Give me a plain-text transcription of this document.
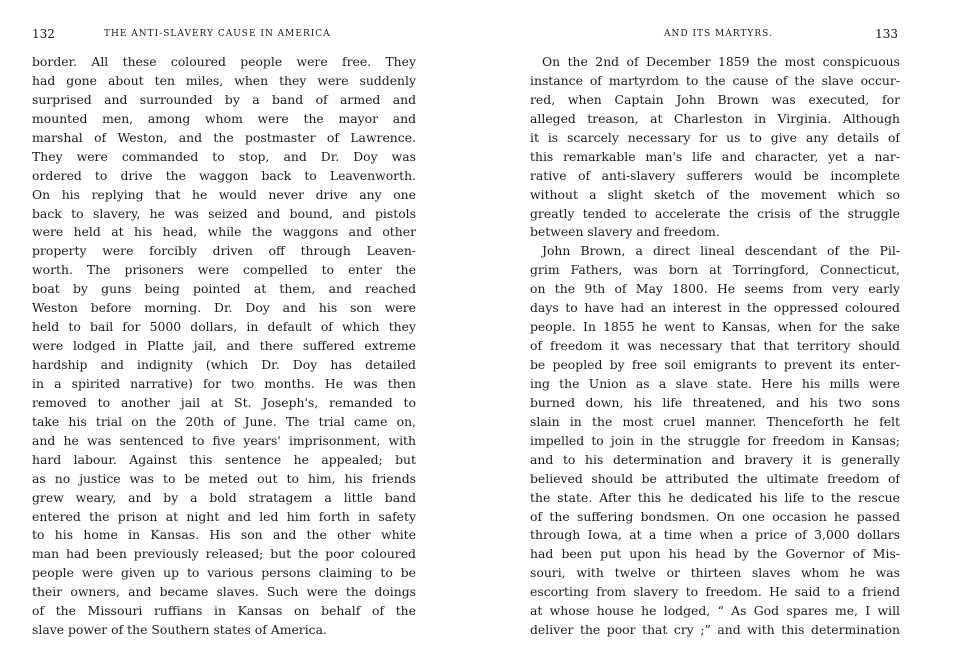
132	THE ANTI-SLAVERY CAUSE IN AMERICA
border. All these coloured people were free. They
had gone about ten miles, when they were suddenly
surprised and surrounded by a band of armed and
mounted men, among whom were the mayor and
marshal of Weston, and the postmaster of Lawrence.
They were commanded to stop, and Dr. Doy was
ordered to drive the waggon back to Leavenworth.
On his replying that he would never drive any one
back to slavery, he was seized and bound, and pistols
were held at his head, while the waggons and other
property were forcibly driven off through Leaven-
worth. The prisoners were compelled to enter the
boat by guns being pointed at them, and reached
Weston before morning. Dr. Doy and his son were
held to bail for 5000 dollars, in default of which they
were lodged in Platte jail, and there suffered extreme
hardship and indignity (which Dr. Doy has detailed
in a spirited narrative) for two months. He was then
removed to another jail at St. Joseph's, remanded to
take his trial on the 20th of June. The trial came on,
and he was sentenced to five years' imprisonment, with
hard labour. Against this sentence he appealed; but
as no justice was to be meted out to him, his friends
grew weary, and by a bold stratagem a little band
entered the prison at night and led him forth in safety
to his home in Kansas. His son and the other white
man had been previously released; but the poor coloured
people were given up to various persons claiming to be
their owners, and became slaves. Such were the doings
of the Missouri ruffians in Kansas on behalf of the
slave power of the Southern states of America.
AND ITS MARTYRS.	133
On the 2nd of December 1859 the most conspicuous
instance of martyrdom to the cause of the slave occur-
red, when Captain John Brown was executed, for
alleged treason, at Charleston in Virginia. Although
it is scarcely necessary for us to give any details of
this remarkable man's life and character, yet a nar-
rative of anti-slavery sufferers would be incomplete
without a slight sketch of the movement which so
greatly tended to accelerate the crisis of the struggle
between slavery and freedom.
John Brown, a direct lineal descendant of the Pil-
grim Fathers, was born at Torringford, Connecticut,
on the 9th of May 1800. He seems from very early
days to have had an interest in the oppressed coloured
people. In 1855 he went to Kansas, when for the sake
of freedom it was necessary that that territory should
be peopled by free soil emigrants to prevent its enter-
ing the Union as a slave state. Here his mills were
burned down, his life threatened, and his two sons
slain in the most cruel manner. Thenceforth he felt
impelled to join in the struggle for freedom in Kansas;
and to his determination and bravery it is generally
believed should be attributed the ultimate freedom of
the state. After this he dedicated his life to the rescue
of the suffering bondsmen. On one occasion he passed
through Iowa, at a time when a price of 3,000 dollars
had been put upon his head by the Governor of Mis-
souri, with twelve or thirteen slaves whom he was
escorting from slavery to freedom. He said to a friend
at whose house he lodged, “ As God spares me, I will
deliver the poor that cry ;” and with this determination
